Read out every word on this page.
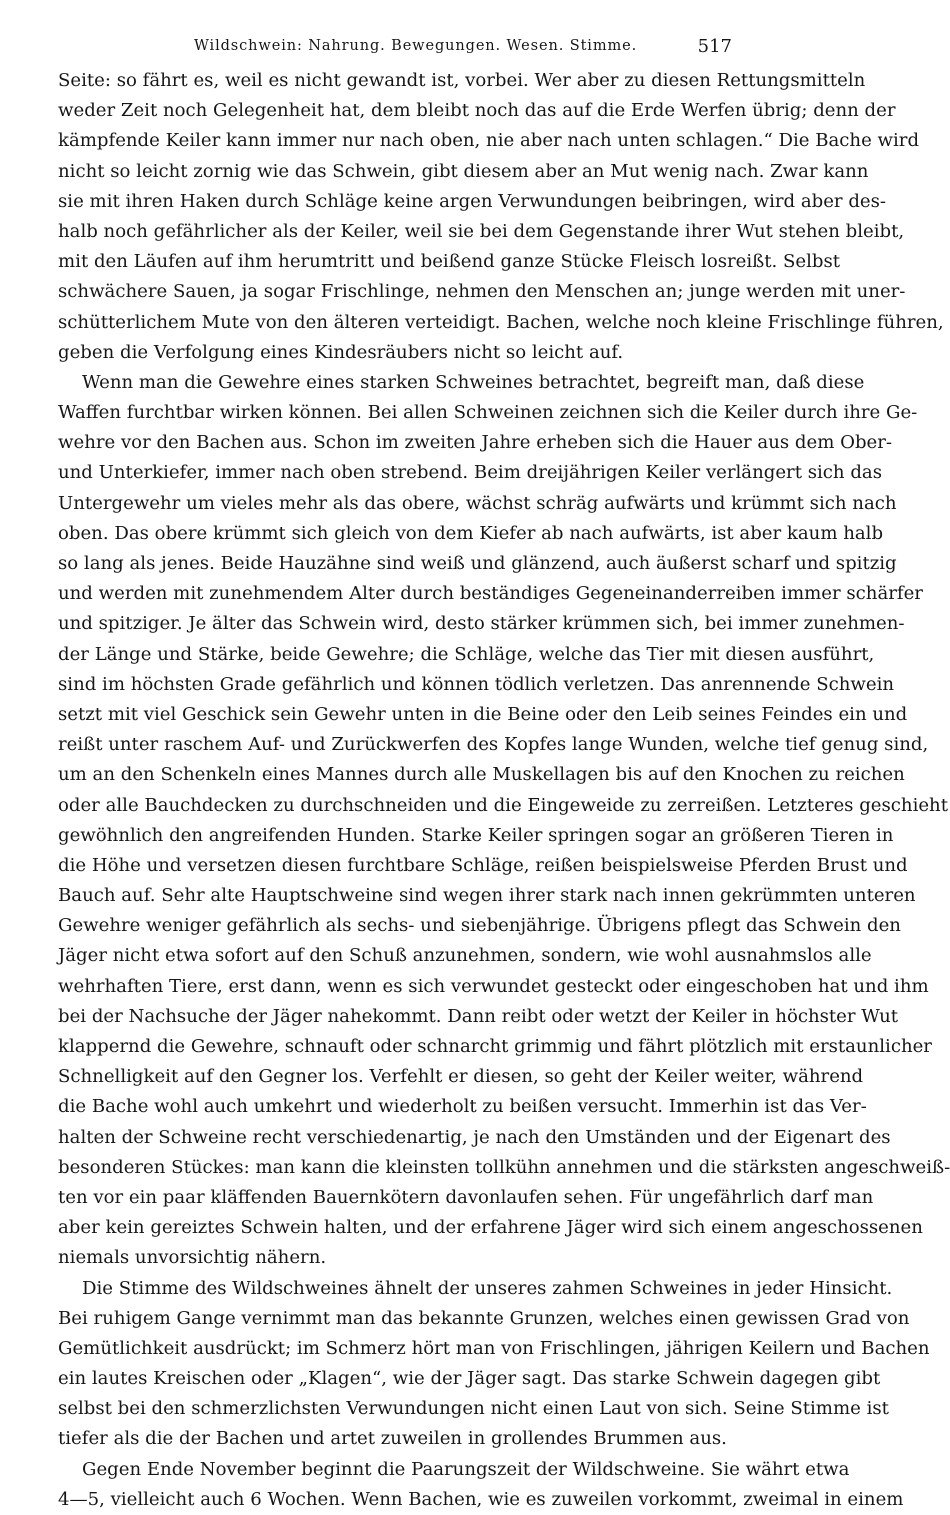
Wildschwein: Nahrung. Bewegungen. Wesen. Stimme.	517
Seite: so fährt es, weil es nicht gewandt ist, vorbei. Wer aber zu diesen Rettungsmitteln
weder Zeit noch Gelegenheit hat, dem bleibt noch das auf die Erde Werfen übrig; denn der
kämpfende Keiler kann immer nur nach oben, nie aber nach unten schlagen.“ Die Bache wird
nicht so leicht zornig wie das Schwein, gibt diesem aber an Mut wenig nach. Zwar kann
sie mit ihren Haken durch Schläge keine argen Verwundungen beibringen, wird aber des-
halb noch gefährlicher als der Keiler, weil sie bei dem Gegenstande ihrer Wut stehen bleibt,
mit den Läufen auf ihm herumtritt und beißend ganze Stücke Fleisch losreißt. Selbst
schwächere Sauen, ja sogar Frischlinge, nehmen den Menschen an; junge werden mit uner-
schütterlichem Mute von den älteren verteidigt. Bachen, welche noch kleine Frischlinge führen,
geben die Verfolgung eines Kindesräubers nicht so leicht auf.
Wenn man die Gewehre eines starken Schweines betrachtet, begreift man, daß diese
Waffen furchtbar wirken können. Bei allen Schweinen zeichnen sich die Keiler durch ihre Ge-
wehre vor den Bachen aus. Schon im zweiten Jahre erheben sich die Hauer aus dem Ober-
und Unterkiefer, immer nach oben strebend. Beim dreijährigen Keiler verlängert sich das
Untergewehr um vieles mehr als das obere, wächst schräg aufwärts und krümmt sich nach
oben. Das obere krümmt sich gleich von dem Kiefer ab nach aufwärts, ist aber kaum halb
so lang als jenes. Beide Hauzähne sind weiß und glänzend, auch äußerst scharf und spitzig
und werden mit zunehmendem Alter durch beständiges Gegeneinanderreiben immer schärfer
und spitziger. Je älter das Schwein wird, desto stärker krümmen sich, bei immer zunehmen-
der Länge und Stärke, beide Gewehre; die Schläge, welche das Tier mit diesen ausführt,
sind im höchsten Grade gefährlich und können tödlich verletzen. Das anrennende Schwein
setzt mit viel Geschick sein Gewehr unten in die Beine oder den Leib seines Feindes ein und
reißt unter raschem Auf- und Zurückwerfen des Kopfes lange Wunden, welche tief genug sind,
um an den Schenkeln eines Mannes durch alle Muskellagen bis auf den Knochen zu reichen
oder alle Bauchdecken zu durchschneiden und die Eingeweide zu zerreißen. Letzteres geschieht
gewöhnlich den angreifenden Hunden. Starke Keiler springen sogar an größeren Tieren in
die Höhe und versetzen diesen furchtbare Schläge, reißen beispielsweise Pferden Brust und
Bauch auf. Sehr alte Hauptschweine sind wegen ihrer stark nach innen gekrümmten unteren
Gewehre weniger gefährlich als sechs- und siebenjährige. Übrigens pflegt das Schwein den
Jäger nicht etwa sofort auf den Schuß anzunehmen, sondern, wie wohl ausnahmslos alle
wehrhaften Tiere, erst dann, wenn es sich verwundet gesteckt oder eingeschoben hat und ihm
bei der Nachsuche der Jäger nahekommt. Dann reibt oder wetzt der Keiler in höchster Wut
klappernd die Gewehre, schnauft oder schnarcht grimmig und fährt plötzlich mit erstaunlicher
Schnelligkeit auf den Gegner los. Verfehlt er diesen, so geht der Keiler weiter, während
die Bache wohl auch umkehrt und wiederholt zu beißen versucht. Immerhin ist das Ver-
halten der Schweine recht verschiedenartig, je nach den Umständen und der Eigenart des
besonderen Stückes: man kann die kleinsten tollkühn annehmen und die stärksten angeschweiß-
ten vor ein paar kläffenden Bauernkötern davonlaufen sehen. Für ungefährlich darf man
aber kein gereiztes Schwein halten, und der erfahrene Jäger wird sich einem angeschossenen
niemals unvorsichtig nähern.
Die Stimme des Wildschweines ähnelt der unseres zahmen Schweines in jeder Hinsicht.
Bei ruhigem Gange vernimmt man das bekannte Grunzen, welches einen gewissen Grad von
Gemütlichkeit ausdrückt; im Schmerz hört man von Frischlingen, jährigen Keilern und Bachen
ein lautes Kreischen oder „Klagen“, wie der Jäger sagt. Das starke Schwein dagegen gibt
selbst bei den schmerzlichsten Verwundungen nicht einen Laut von sich. Seine Stimme ist
tiefer als die der Bachen und artet zuweilen in grollendes Brummen aus.
Gegen Ende November beginnt die Paarungszeit der Wildschweine. Sie währt etwa
4—5, vielleicht auch 6 Wochen. Wenn Bachen, wie es zuweilen vorkommt, zweimal in einem
